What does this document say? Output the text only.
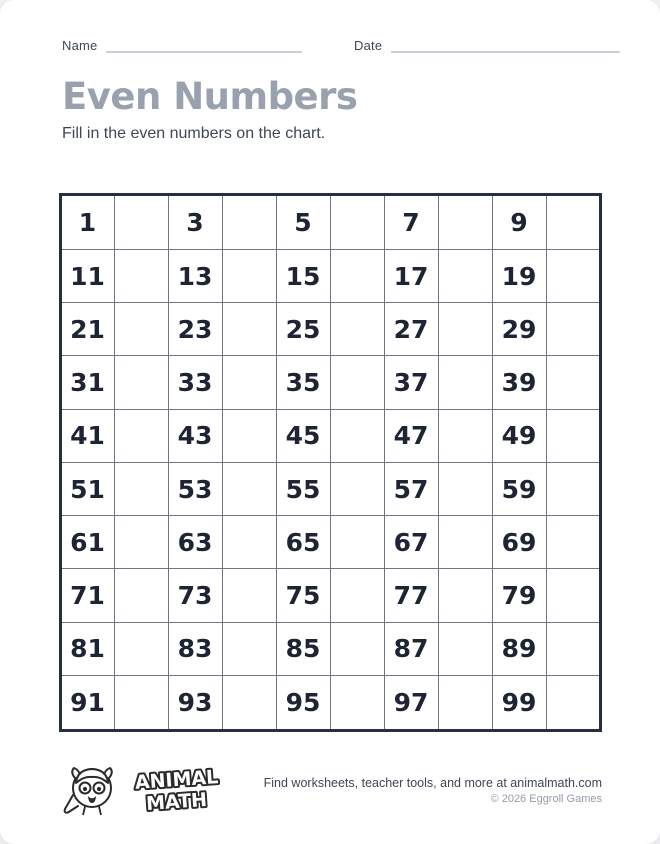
Name	Date
Even Numbers

Fill in the even numbers on the chart.

1		3		5		7		9	
11		13		15		17		19	
21		23		25		27		29	
31		33		35		37		39	
41		43		45		47		49	
51		53		55		57		59	
61		63		65		67		69	
71		73		75		77		79	
81		83		85		87		89	
91		93		95		97		99	
ANIMAL
MATH
Find worksheets, teacher tools, and more at animalmath.com
© 2026 Eggroll Games
